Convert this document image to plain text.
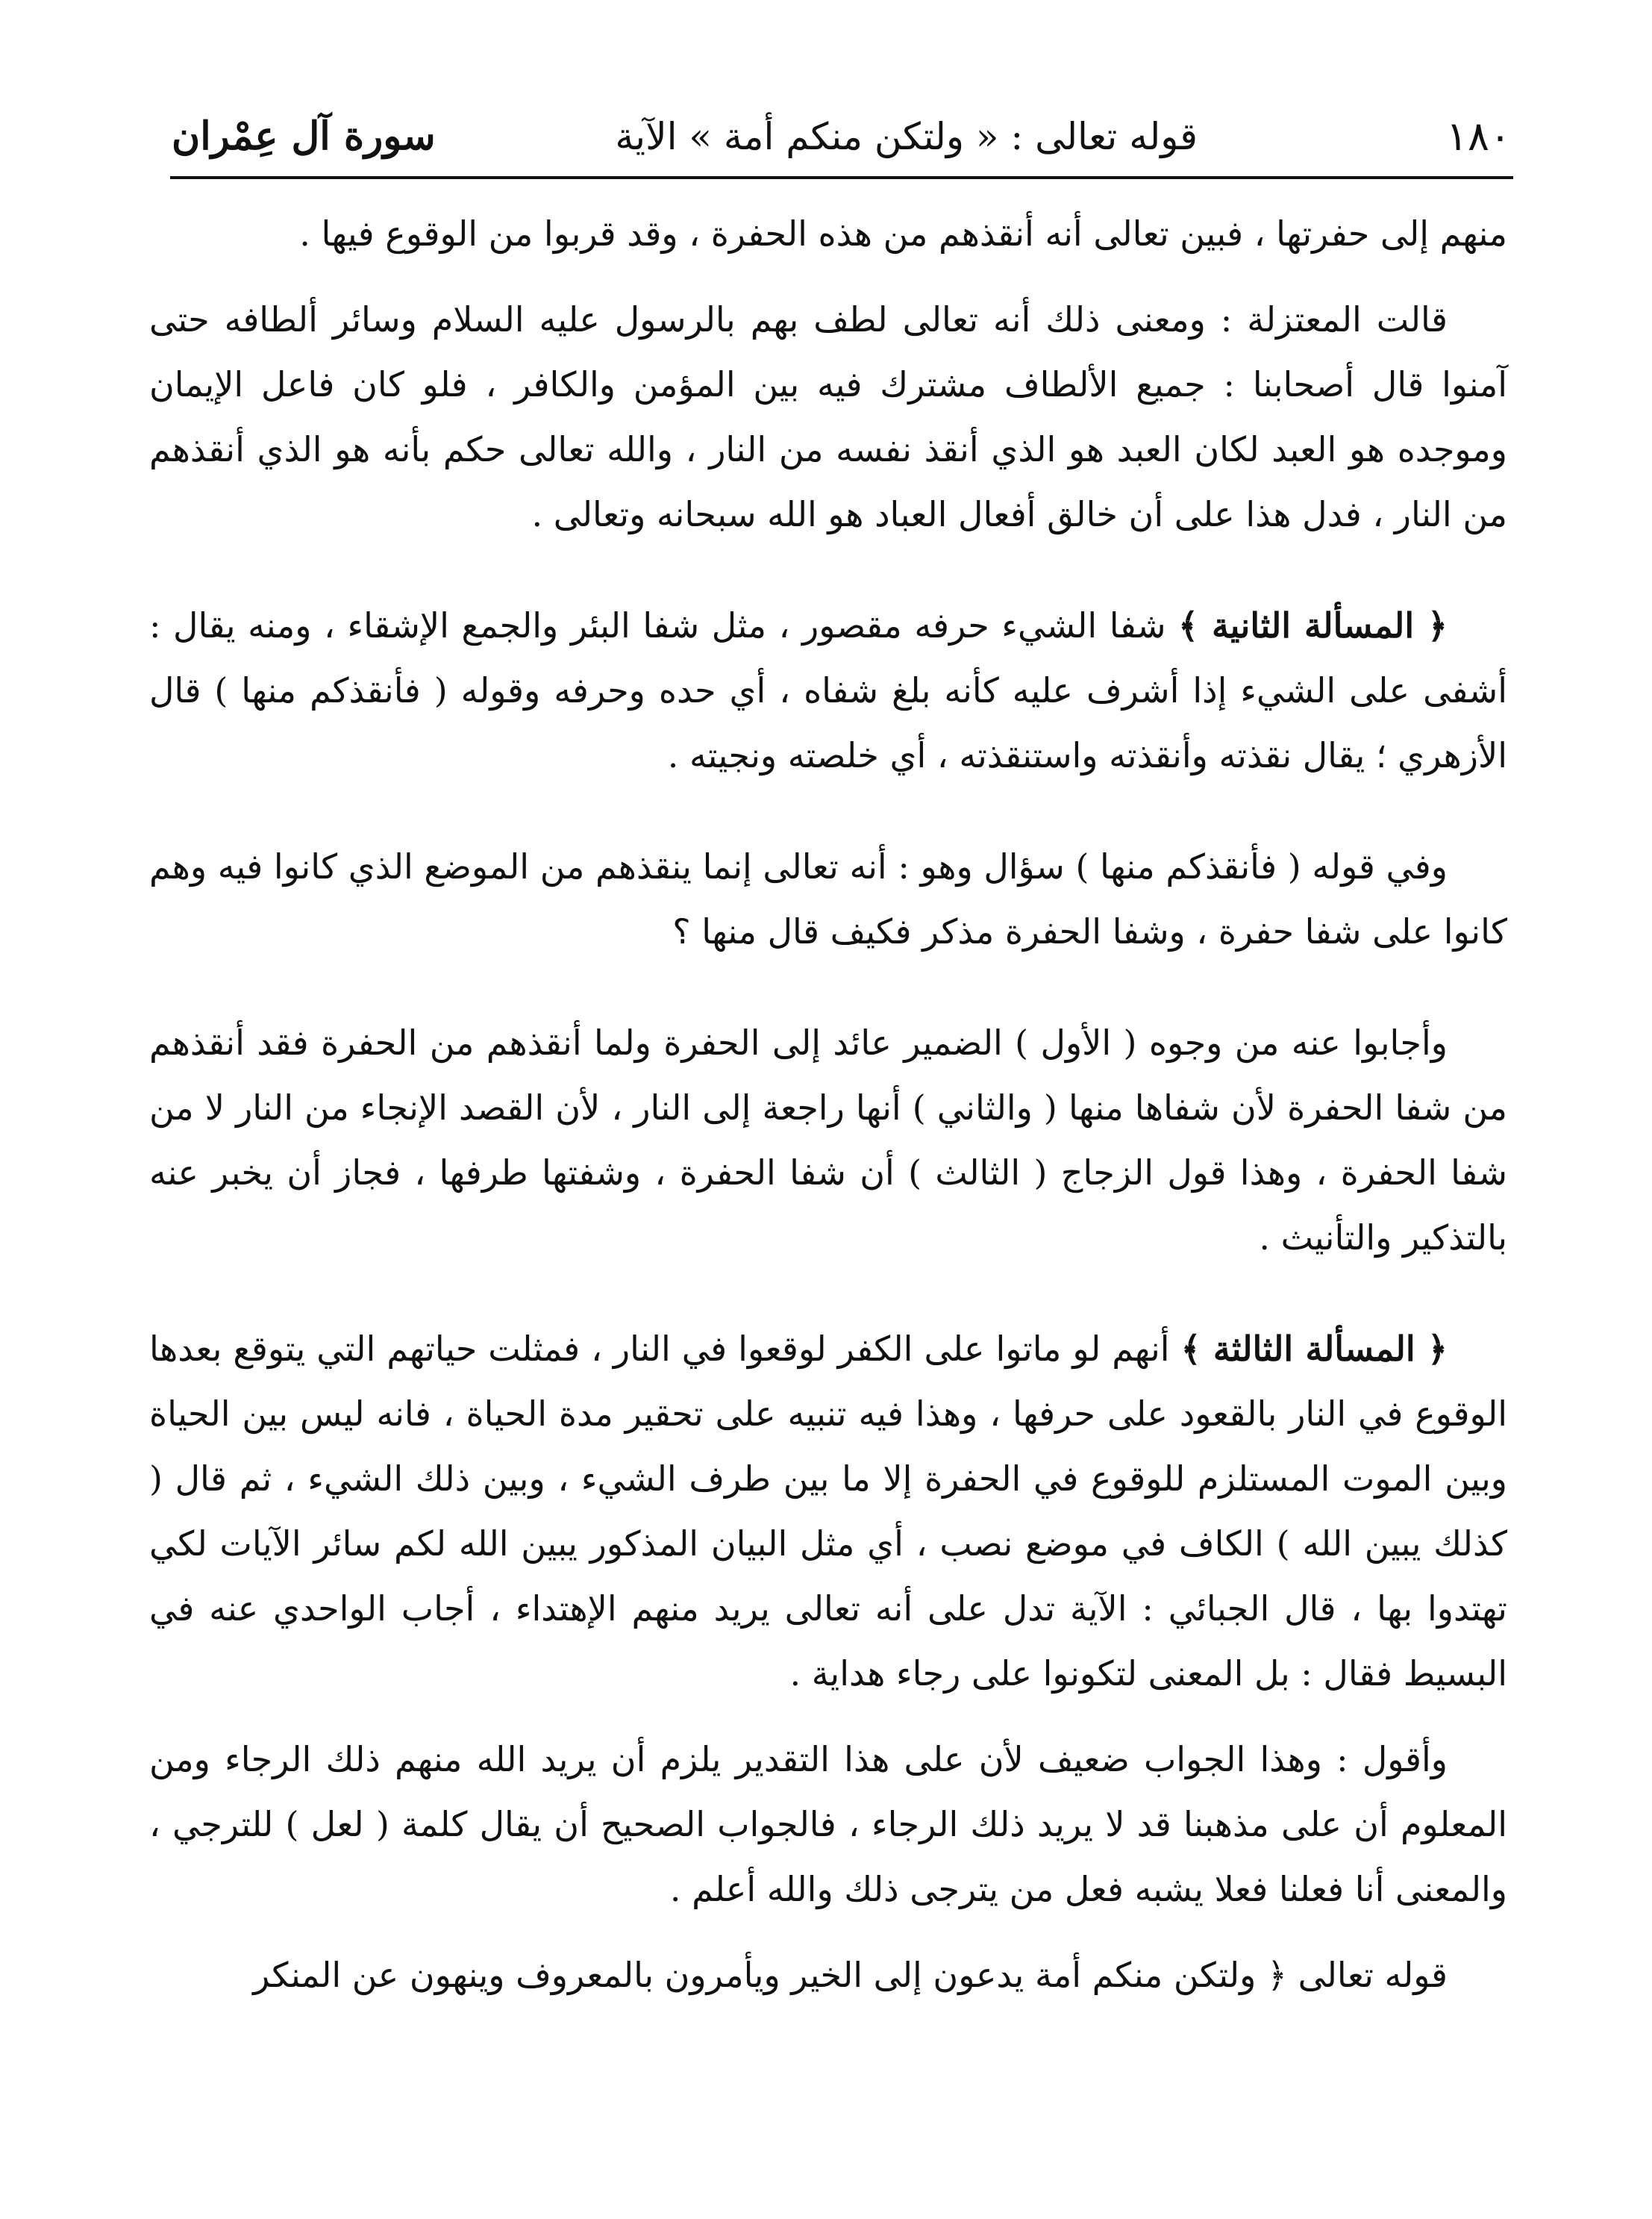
١٨٠
قوله تعالى : « ولتكن منكم أمة » الآية
سورة آل عِمْران

منهم إلى حفرتها ، فبين تعالى أنه أنقذهم من هذه الحفرة ، وقد قربوا من الوقوع فيها .

قالت المعتزلة : ومعنى ذلك أنه تعالى لطف بهم بالرسول عليه السلام وسائر ألطافه حتى آمنوا قال أصحابنا : جميع الألطاف مشترك فيه بين المؤمن والكافر ، فلو كان فاعل الإيمان وموجده هو العبد لكان العبد هو الذي أنقذ نفسه من النار ، والله تعالى حكم بأنه هو الذي أنقذهم من النار ، فدل هذا على أن خالق أفعال العباد هو الله سبحانه وتعالى .

﴿ المسألة الثانية ﴾ شفا الشيء حرفه مقصور ، مثل شفا البئر والجمع الإشقاء ، ومنه يقال : أشفى على الشيء إذا أشرف عليه كأنه بلغ شفاه ، أي حده وحرفه وقوله ( فأنقذكم منها ) قال الأزهري ؛ يقال نقذته وأنقذته واستنقذته ، أي خلصته ونجيته .

وفي قوله ( فأنقذكم منها ) سؤال وهو : أنه تعالى إنما ينقذهم من الموضع الذي كانوا فيه وهم كانوا على شفا حفرة ، وشفا الحفرة مذكر فكيف قال منها ؟

وأجابوا عنه من وجوه ( الأول ) الضمير عائد إلى الحفرة ولما أنقذهم من الحفرة فقد أنقذهم من شفا الحفرة لأن شفاها منها ( والثاني ) أنها راجعة إلى النار ، لأن القصد الإنجاء من النار لا من شفا الحفرة ، وهذا قول الزجاج ( الثالث ) أن شفا الحفرة ، وشفتها طرفها ، فجاز أن يخبر عنه بالتذكير والتأنيث .

﴿ المسألة الثالثة ﴾ أنهم لو ماتوا على الكفر لوقعوا في النار ، فمثلت حياتهم التي يتوقع بعدها الوقوع في النار بالقعود على حرفها ، وهذا فيه تنبيه على تحقير مدة الحياة ، فانه ليس بين الحياة وبين الموت المستلزم للوقوع في الحفرة إلا ما بين طرف الشيء ، وبين ذلك الشيء ، ثم قال ( كذلك يبين الله ) الكاف في موضع نصب ، أي مثل البيان المذكور يبين الله لكم سائر الآيات لكي تهتدوا بها ، قال الجبائي : الآية تدل على أنه تعالى يريد منهم الإهتداء ، أجاب الواحدي عنه في البسيط فقال : بل المعنى لتكونوا على رجاء هداية .

وأقول : وهذا الجواب ضعيف لأن على هذا التقدير يلزم أن يريد الله منهم ذلك الرجاء ومن المعلوم أن على مذهبنا قد لا يريد ذلك الرجاء ، فالجواب الصحيح أن يقال كلمة ( لعل ) للترجي ، والمعنى أنا فعلنا فعلا يشبه فعل من يترجى ذلك والله أعلم .

قوله تعالى ﴿ ولتكن منكم أمة يدعون إلى الخير ويأمرون بالمعروف وينهون عن المنكر
